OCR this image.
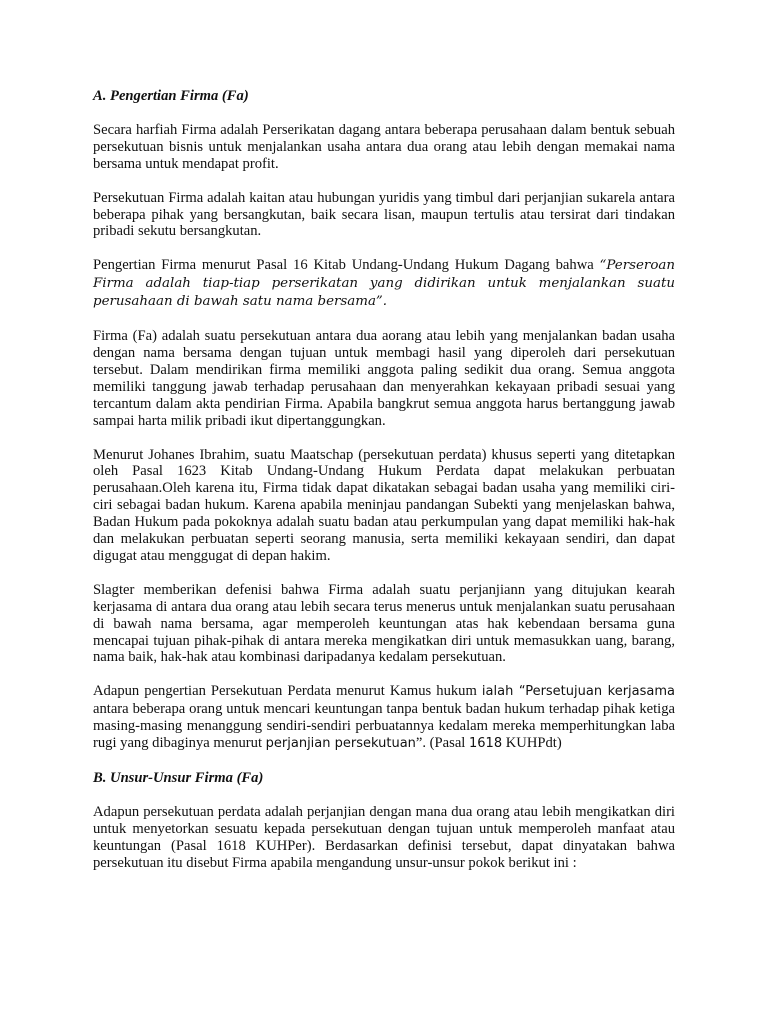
A. Pengertian Firma (Fa)

Secara harfiah Firma adalah Perserikatan dagang antara beberapa perusahaan dalam bentuk sebuah persekutuan bisnis untuk menjalankan usaha antara dua orang atau lebih dengan memakai nama bersama untuk mendapat profit.

Persekutuan Firma adalah kaitan atau hubungan yuridis yang timbul dari perjanjian sukarela antara beberapa pihak yang bersangkutan, baik secara lisan, maupun tertulis atau tersirat dari tindakan pribadi sekutu bersangkutan.

Pengertian Firma menurut Pasal 16 Kitab Undang-Undang Hukum Dagang bahwa “Perseroan Firma adalah tiap-tiap perserikatan yang didirikan untuk menjalankan suatu perusahaan di bawah satu nama bersama”.

Firma (Fa) adalah suatu persekutuan antara dua aorang atau lebih yang menjalankan badan usaha dengan nama bersama dengan tujuan untuk membagi hasil yang diperoleh dari persekutuan tersebut. Dalam mendirikan firma memiliki anggota paling sedikit dua orang. Semua anggota memiliki tanggung jawab terhadap perusahaan dan menyerahkan kekayaan pribadi sesuai yang tercantum dalam akta pendirian Firma. Apabila bangkrut semua anggota harus bertanggung jawab sampai harta milik pribadi ikut dipertanggungkan.

Menurut Johanes Ibrahim, suatu Maatschap (persekutuan perdata) khusus seperti yang ditetapkan oleh Pasal 1623 Kitab Undang-Undang Hukum Perdata dapat melakukan perbuatan perusahaan.Oleh karena itu, Firma tidak dapat dikatakan sebagai badan usaha yang memiliki ciri-ciri sebagai badan hukum. Karena apabila meninjau pandangan Subekti yang menjelaskan bahwa, Badan Hukum pada pokoknya adalah suatu badan atau perkumpulan yang dapat memiliki hak-hak dan melakukan perbuatan seperti seorang manusia, serta memiliki kekayaan sendiri, dan dapat digugat atau menggugat di depan hakim.

Slagter memberikan defenisi bahwa Firma adalah suatu perjanjiann yang ditujukan kearah kerjasama di antara dua orang atau lebih secara terus menerus untuk menjalankan suatu perusahaan di bawah nama bersama, agar memperoleh keuntungan atas hak kebendaan bersama guna mencapai tujuan pihak-pihak di antara mereka mengikatkan diri untuk memasukkan uang, barang, nama baik, hak-hak atau kombinasi daripadanya kedalam persekutuan.

Adapun pengertian Persekutuan Perdata menurut Kamus hukum ialah “Persetujuan kerjasama antara beberapa orang untuk mencari keuntungan tanpa bentuk badan hukum terhadap pihak ketiga masing-masing menanggung sendiri-sendiri perbuatannya kedalam mereka memperhitungkan laba rugi yang dibaginya menurut perjanjian persekutuan”. (Pasal 1618 KUHPdt)

B. Unsur-Unsur Firma (Fa)

Adapun persekutuan perdata adalah perjanjian dengan mana dua orang atau lebih mengikatkan diri untuk menyetorkan sesuatu kepada persekutuan dengan tujuan untuk memperoleh manfaat atau keuntungan (Pasal 1618 KUHPer). Berdasarkan definisi tersebut, dapat dinyatakan bahwa persekutuan itu disebut Firma apabila mengandung unsur-unsur pokok berikut ini :
